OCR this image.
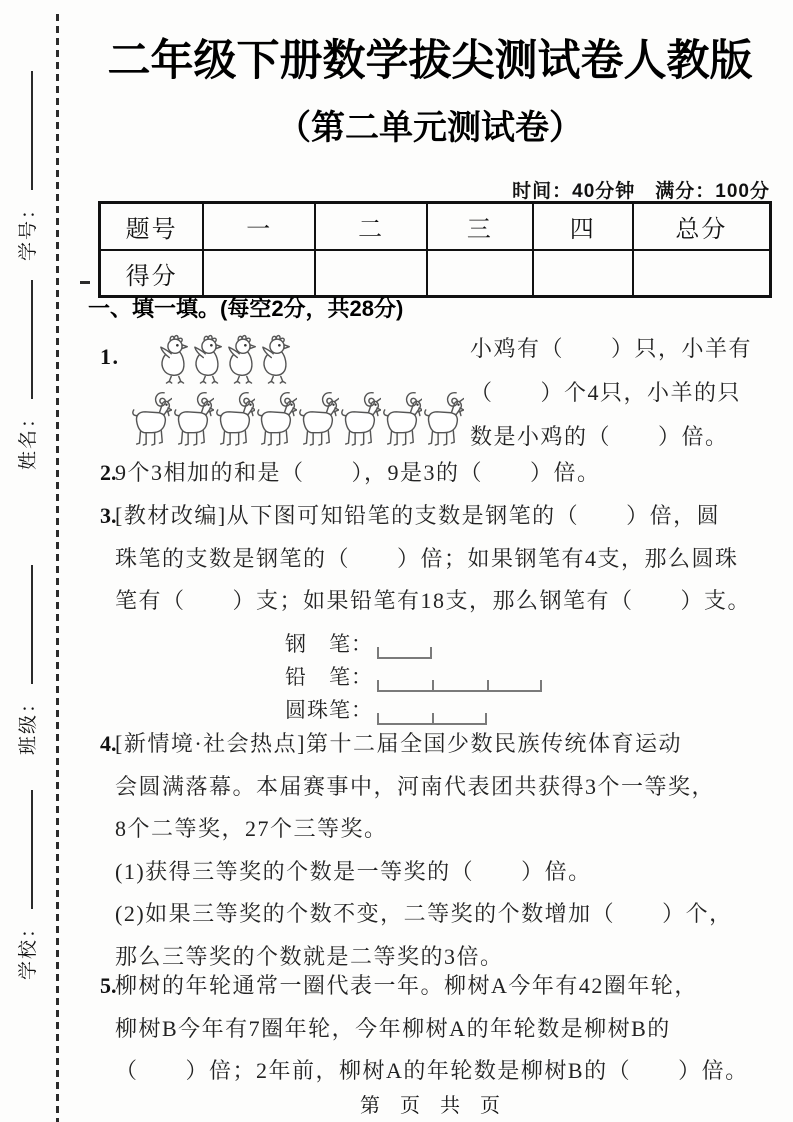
学号：
姓名：
班级：
学校：
二年级下册数学拔尖测试卷人教版
（第二单元测试卷）
时间：40分钟　满分：100分
题号	一	二	三	四	总分
得分					
一、填一填。(每空2分，共28分)
1.	小鸡有（　　）只，小羊有
（　　）个4只，小羊的只
数是小鸡的（　　）倍。
2.
9个3相加的和是（　　），9是3的（　　）倍。
3.
[教材改编]从下图可知铅笔的支数是钢笔的（　　）倍，圆
珠笔的支数是钢笔的（　　）倍；如果钢笔有4支，那么圆珠
笔有（　　）支；如果铅笔有18支，那么钢笔有（　　）支。
钢　笔：
铅　笔：
圆珠笔：
4.
[新情境·社会热点]第十二届全国少数民族传统体育运动
会圆满落幕。本届赛事中，河南代表团共获得3个一等奖，
8个二等奖，27个三等奖。
(1)获得三等奖的个数是一等奖的（　　）倍。
(2)如果三等奖的个数不变，二等奖的个数增加（　　）个，
那么三等奖的个数就是二等奖的3倍。
5.
柳树的年轮通常一圈代表一年。柳树A今年有42圈年轮，
柳树B今年有7圈年轮，今年柳树A的年轮数是柳树B的
（　　）倍；2年前，柳树A的年轮数是柳树B的（　　）倍。
第　页　共　页
